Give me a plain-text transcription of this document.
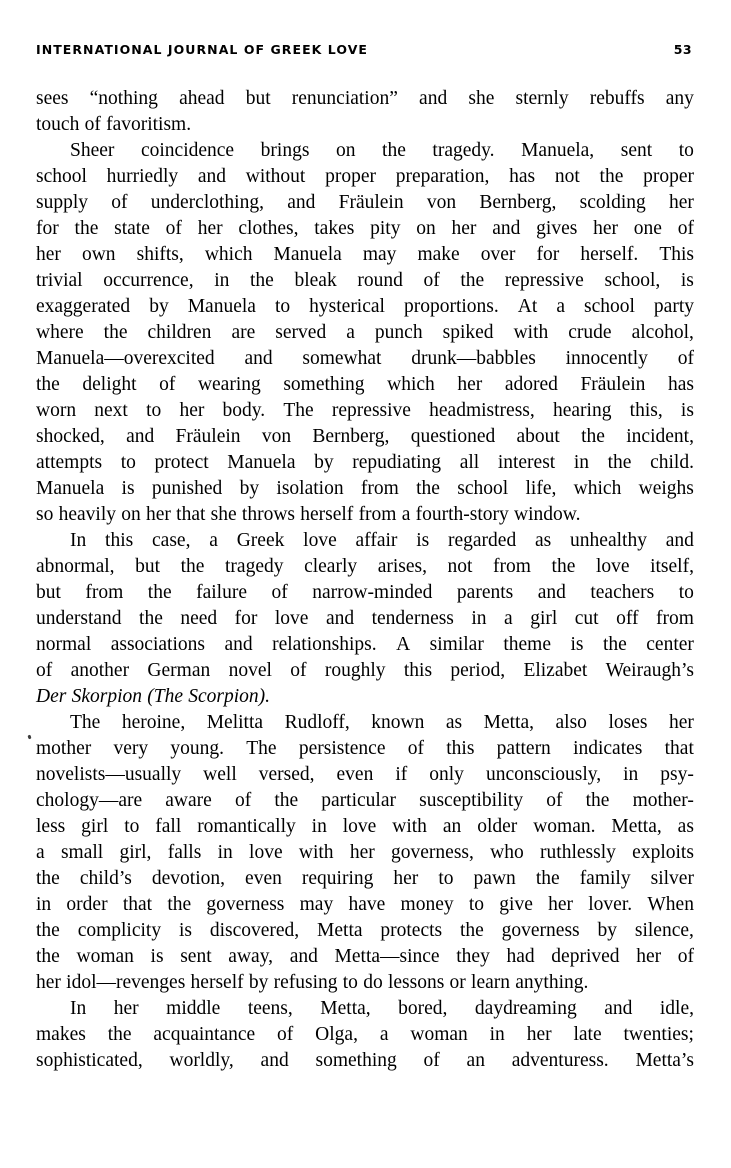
INTERNATIONAL JOURNAL OF GREEK LOVE	53
sees “nothing ahead but renunciation” and she sternly rebuffs any
touch of favoritism.
Sheer coincidence brings on the tragedy. Manuela, sent to
school hurriedly and without proper preparation, has not the proper
supply of underclothing, and Fräulein von Bernberg, scolding her
for the state of her clothes, takes pity on her and gives her one of
her own shifts, which Manuela may make over for herself. This
trivial occurrence, in the bleak round of the repressive school, is
exaggerated by Manuela to hysterical proportions. At a school party
where the children are served a punch spiked with crude alcohol,
Manuela—overexcited and somewhat drunk—babbles innocently of
the delight of wearing something which her adored Fräulein has
worn next to her body. The repressive headmistress, hearing this, is
shocked, and Fräulein von Bernberg, questioned about the incident,
attempts to protect Manuela by repudiating all interest in the child.
Manuela is punished by isolation from the school life, which weighs
so heavily on her that she throws herself from a fourth-story window.
In this case, a Greek love affair is regarded as unhealthy and
abnormal, but the tragedy clearly arises, not from the love itself,
but from the failure of narrow-minded parents and teachers to
understand the need for love and tenderness in a girl cut off from
normal associations and relationships. A similar theme is the center
of another German novel of roughly this period, Elizabet Weiraugh’s
Der Skorpion (The Scorpion).
The heroine, Melitta Rudloff, known as Metta, also loses her
mother very young. The persistence of this pattern indicates that
novelists—usually well versed, even if only unconsciously, in psy-
chology—are aware of the particular susceptibility of the mother-
less girl to fall romantically in love with an older woman. Metta, as
a small girl, falls in love with her governess, who ruthlessly exploits
the child’s devotion, even requiring her to pawn the family silver
in order that the governess may have money to give her lover. When
the complicity is discovered, Metta protects the governess by silence,
the woman is sent away, and Metta—since they had deprived her of
her idol—revenges herself by refusing to do lessons or learn anything.
In her middle teens, Metta, bored, daydreaming and idle,
makes the acquaintance of Olga, a woman in her late twenties;
sophisticated, worldly, and something of an adventuress. Metta’s
